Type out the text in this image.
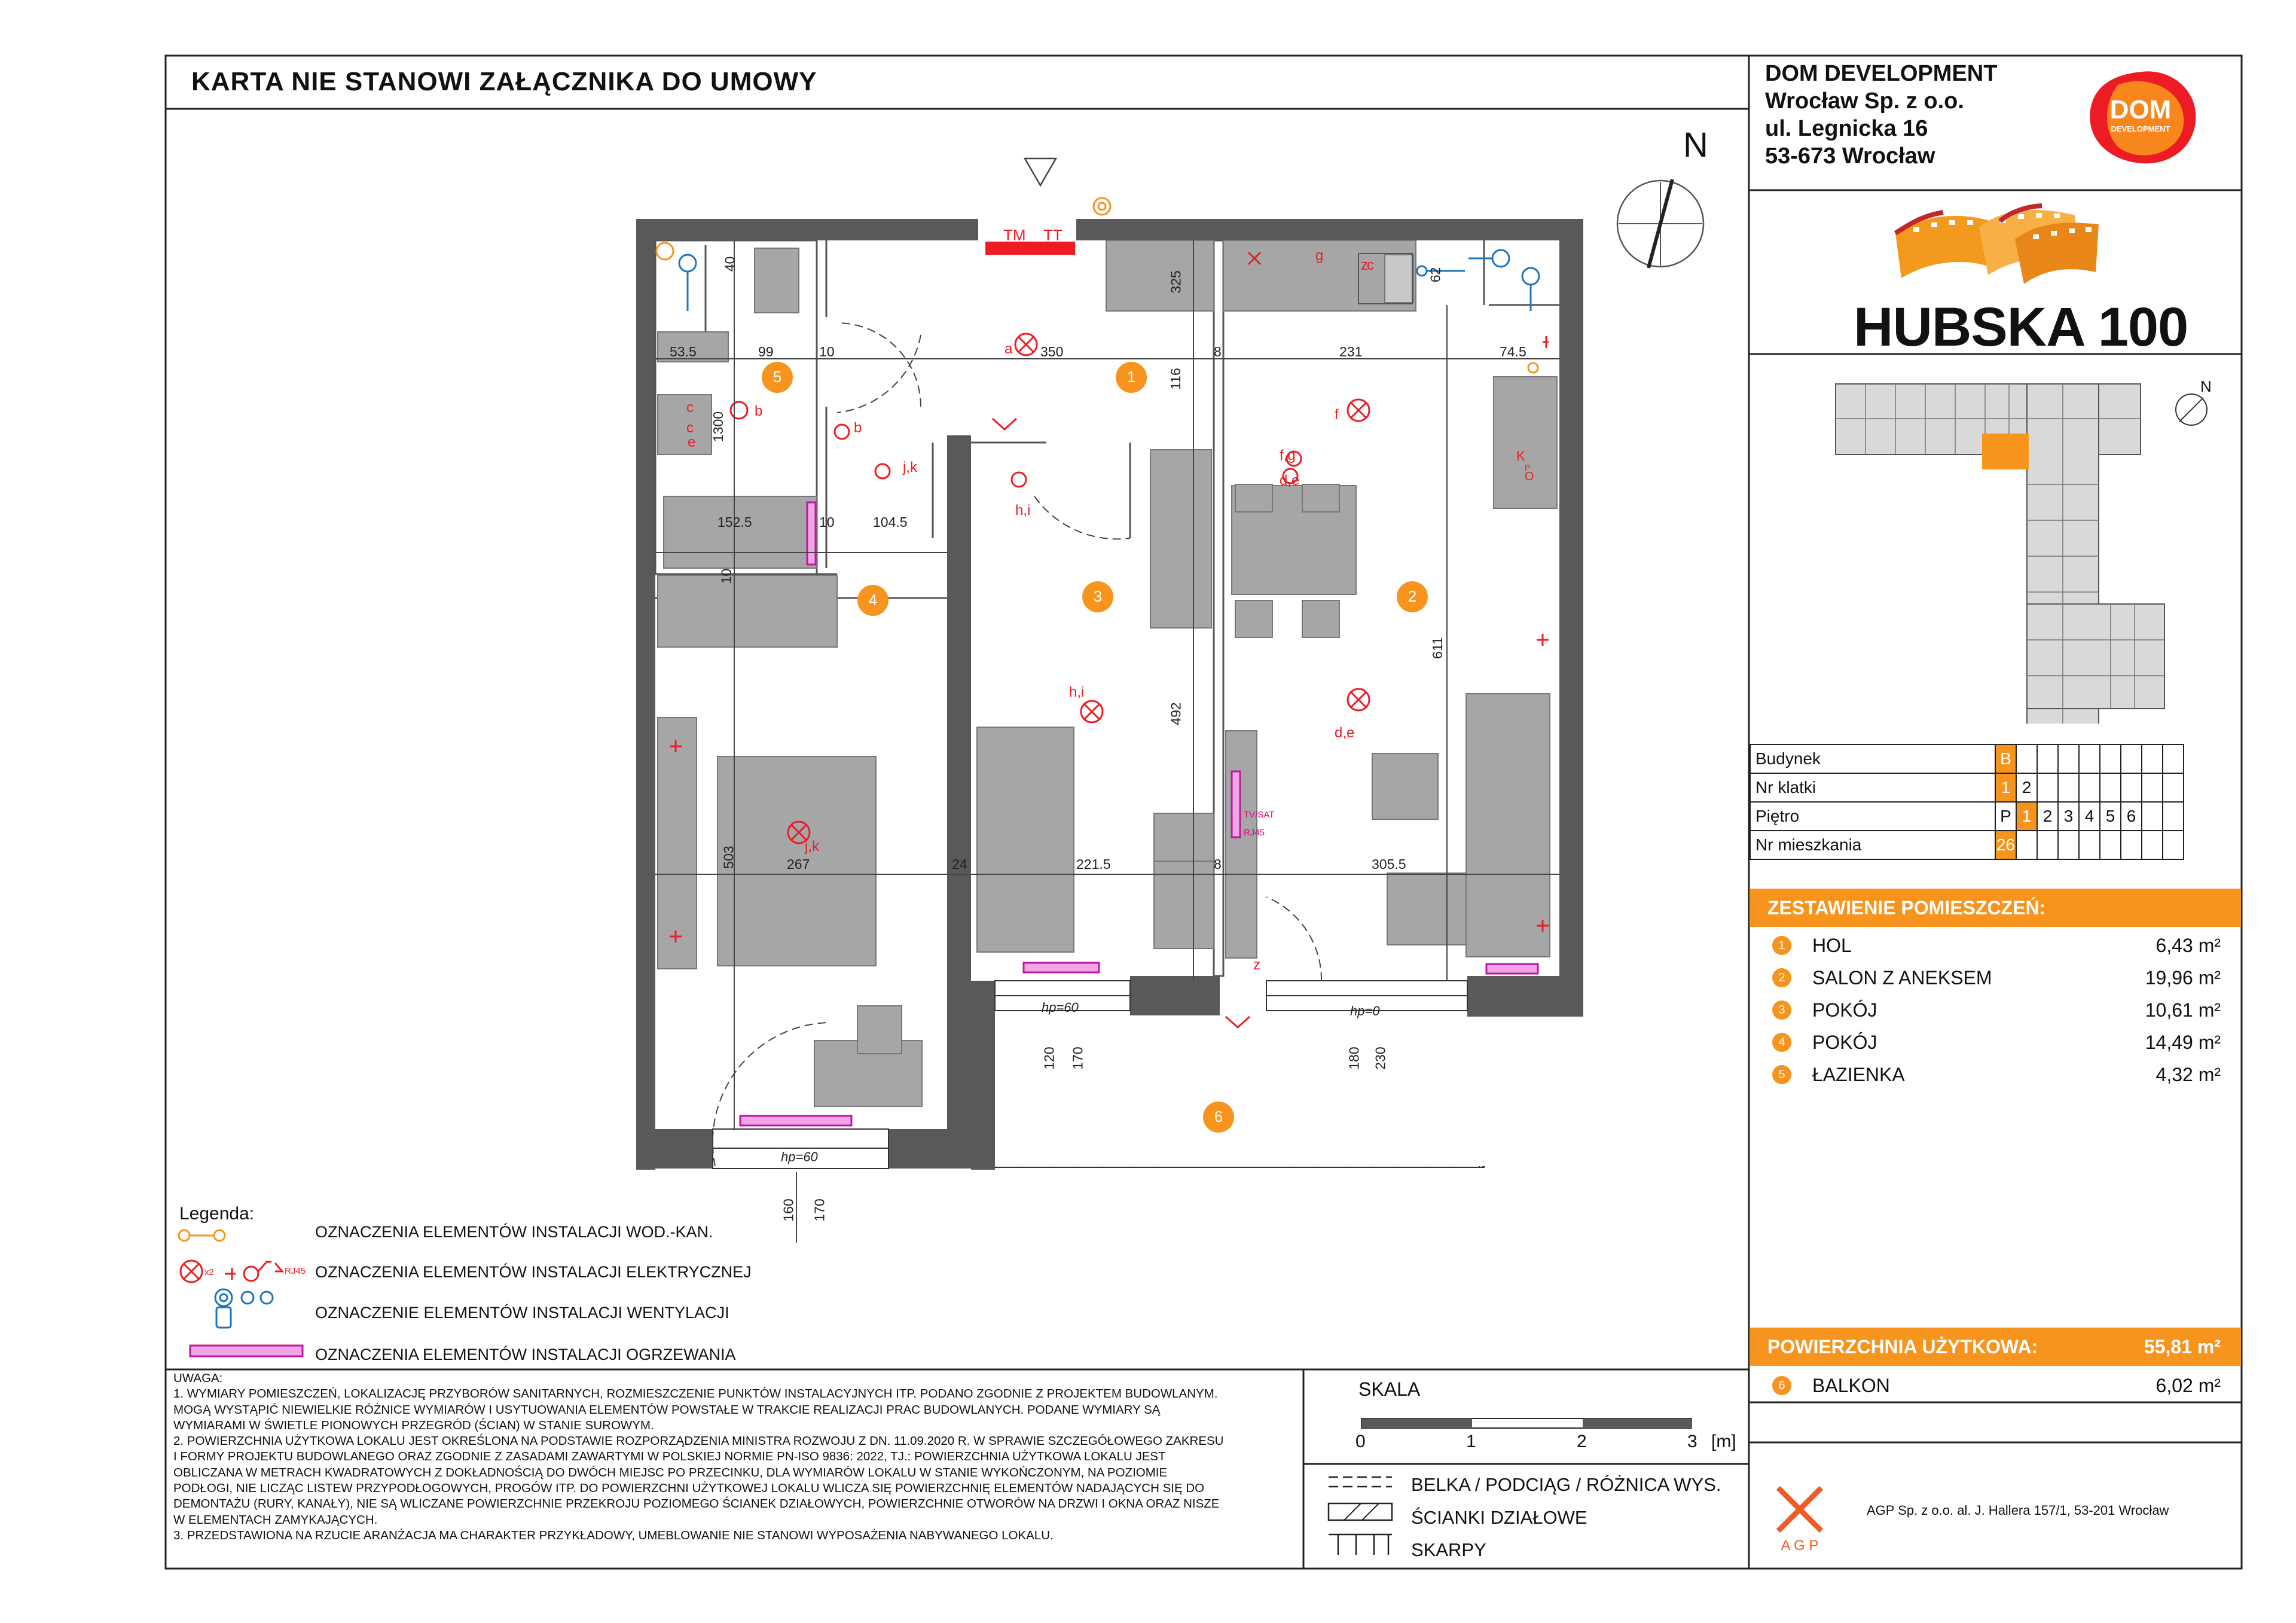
KARTA NIE STANOWI ZAŁĄCZNIKA DO UMOWY	DOM DEVELOPMENT
Wrocław Sp. z o.o.
ul. Legnicka 16
53-673 Wrocław
DOM
DEVELOPMENT
HUBSKA 100
N
Budynek	B								
Nr klatki	1	2							
Piętro	P	1	2	3	4	5	6		
Nr mieszkania	26								
ZESTAWIENIE POMIESZCZEŃ:
1	HOL	6,43 m²
2	SALON Z ANEKSEM	19,96 m²
3	POKÓJ	10,61 m²
4	POKÓJ	14,49 m²
5	ŁAZIENKA	4,32 m²
POWIERZCHNIA UŻYTKOWA:	55,81 m²
6	BALKON	6,02 m²
N
1
2
3
4
5
6
40
325	62
53.5	99	10	350	8	231	74.5
116
1300
152.5	10	104.5
10
611
492
503	267	24	221.5	8	305.5
120 170	180 230
160 170
TM TT
hp=60	hp=0
hp=60
TV/SAT
RJ45
a
b
c
c	b
j,k
h,i
h,i
j,k
f
g
z
c
e
f,g
d,e
d,e
K
O
P
z
Legenda:
x2	RJ45
OZNACZENIA ELEMENTÓW INSTALACJI WOD.-KAN.
OZNACZENIA ELEMENTÓW INSTALACJI ELEKTRYCZNEJ
OZNACZENIE ELEMENTÓW INSTALACJI WENTYLACJI
OZNACZENIA ELEMENTÓW INSTALACJI OGRZEWANIA
UWAGA:
1. WYMIARY POMIESZCZEŃ, LOKALIZACJĘ PRZYBORÓW SANITARNYCH, ROZMIESZCZENIE PUNKTÓW INSTALACYJNYCH ITP. PODANO ZGODNIE Z PROJEKTEM BUDOWLANYM.
MOGĄ WYSTĄPIĆ NIEWIELKIE RÓŻNICE WYMIARÓW I USYTUOWANIA ELEMENTÓW POWSTAŁE W TRAKCIE REALIZACJI PRAC BUDOWLANYCH. PODANE WYMIARY SĄ
WYMIARAMI W ŚWIETLE PIONOWYCH PRZEGRÓD (ŚCIAN) W STANIE SUROWYM.
2. POWIERZCHNIA UŻYTKOWA LOKALU JEST OKREŚLONA NA PODSTAWIE ROZPORZĄDZENIA MINISTRA ROZWOJU Z DN. 11.09.2020 R. W SPRAWIE SZCZEGÓŁOWEGO ZAKRESU
I FORMY PROJEKTU BUDOWLANEGO ORAZ ZGODNIE Z ZASADAMI ZAWARTYMI W POLSKIEJ NORMIE PN-ISO 9836: 2022, TJ.: POWIERZCHNIA UŻYTKOWA LOKALU JEST
OBLICZANA W METRACH KWADRATOWYCH Z DOKŁADNOŚCIĄ DO DWÓCH MIEJSC PO PRZECINKU, DLA WYMIARÓW LOKALU W STANIE WYKOŃCZONYM, NA POZIOMIE
PODŁOGI, NIE LICZĄC LISTEW PRZYPODŁOGOWYCH, PROGÓW ITP. DO POWIERZCHNI UŻYTKOWEJ LOKALU WLICZA SIĘ POWIERZCHNIĘ ELEMENTÓW NADAJĄCYCH SIĘ DO
DEMONTAŻU (RURY, KANAŁY), NIE SĄ WLICZANE POWIERZCHNIE PRZEKROJU POZIOMEGO ŚCIANEK DZIAŁOWYCH, POWIERZCHNIE OTWORÓW NA DRZWI I OKNA ORAZ NISZE
W ELEMENTACH ZAMYKAJĄCYCH.
3. PRZEDSTAWIONA NA RZUCIE ARANŻACJA MA CHARAKTER PRZYKŁADOWY, UMEBLOWANIE NIE STANOWI WYPOSAŻENIA NABYWANEGO LOKALU.
SKALA
0	1	2	3 [m]
BELKA / PODCIĄG / RÓŻNICA WYS.
ŚCIANKI DZIAŁOWE
SKARPY	A G P
AGP Sp. z o.o. al. J. Hallera 157/1, 53-201 Wrocław
